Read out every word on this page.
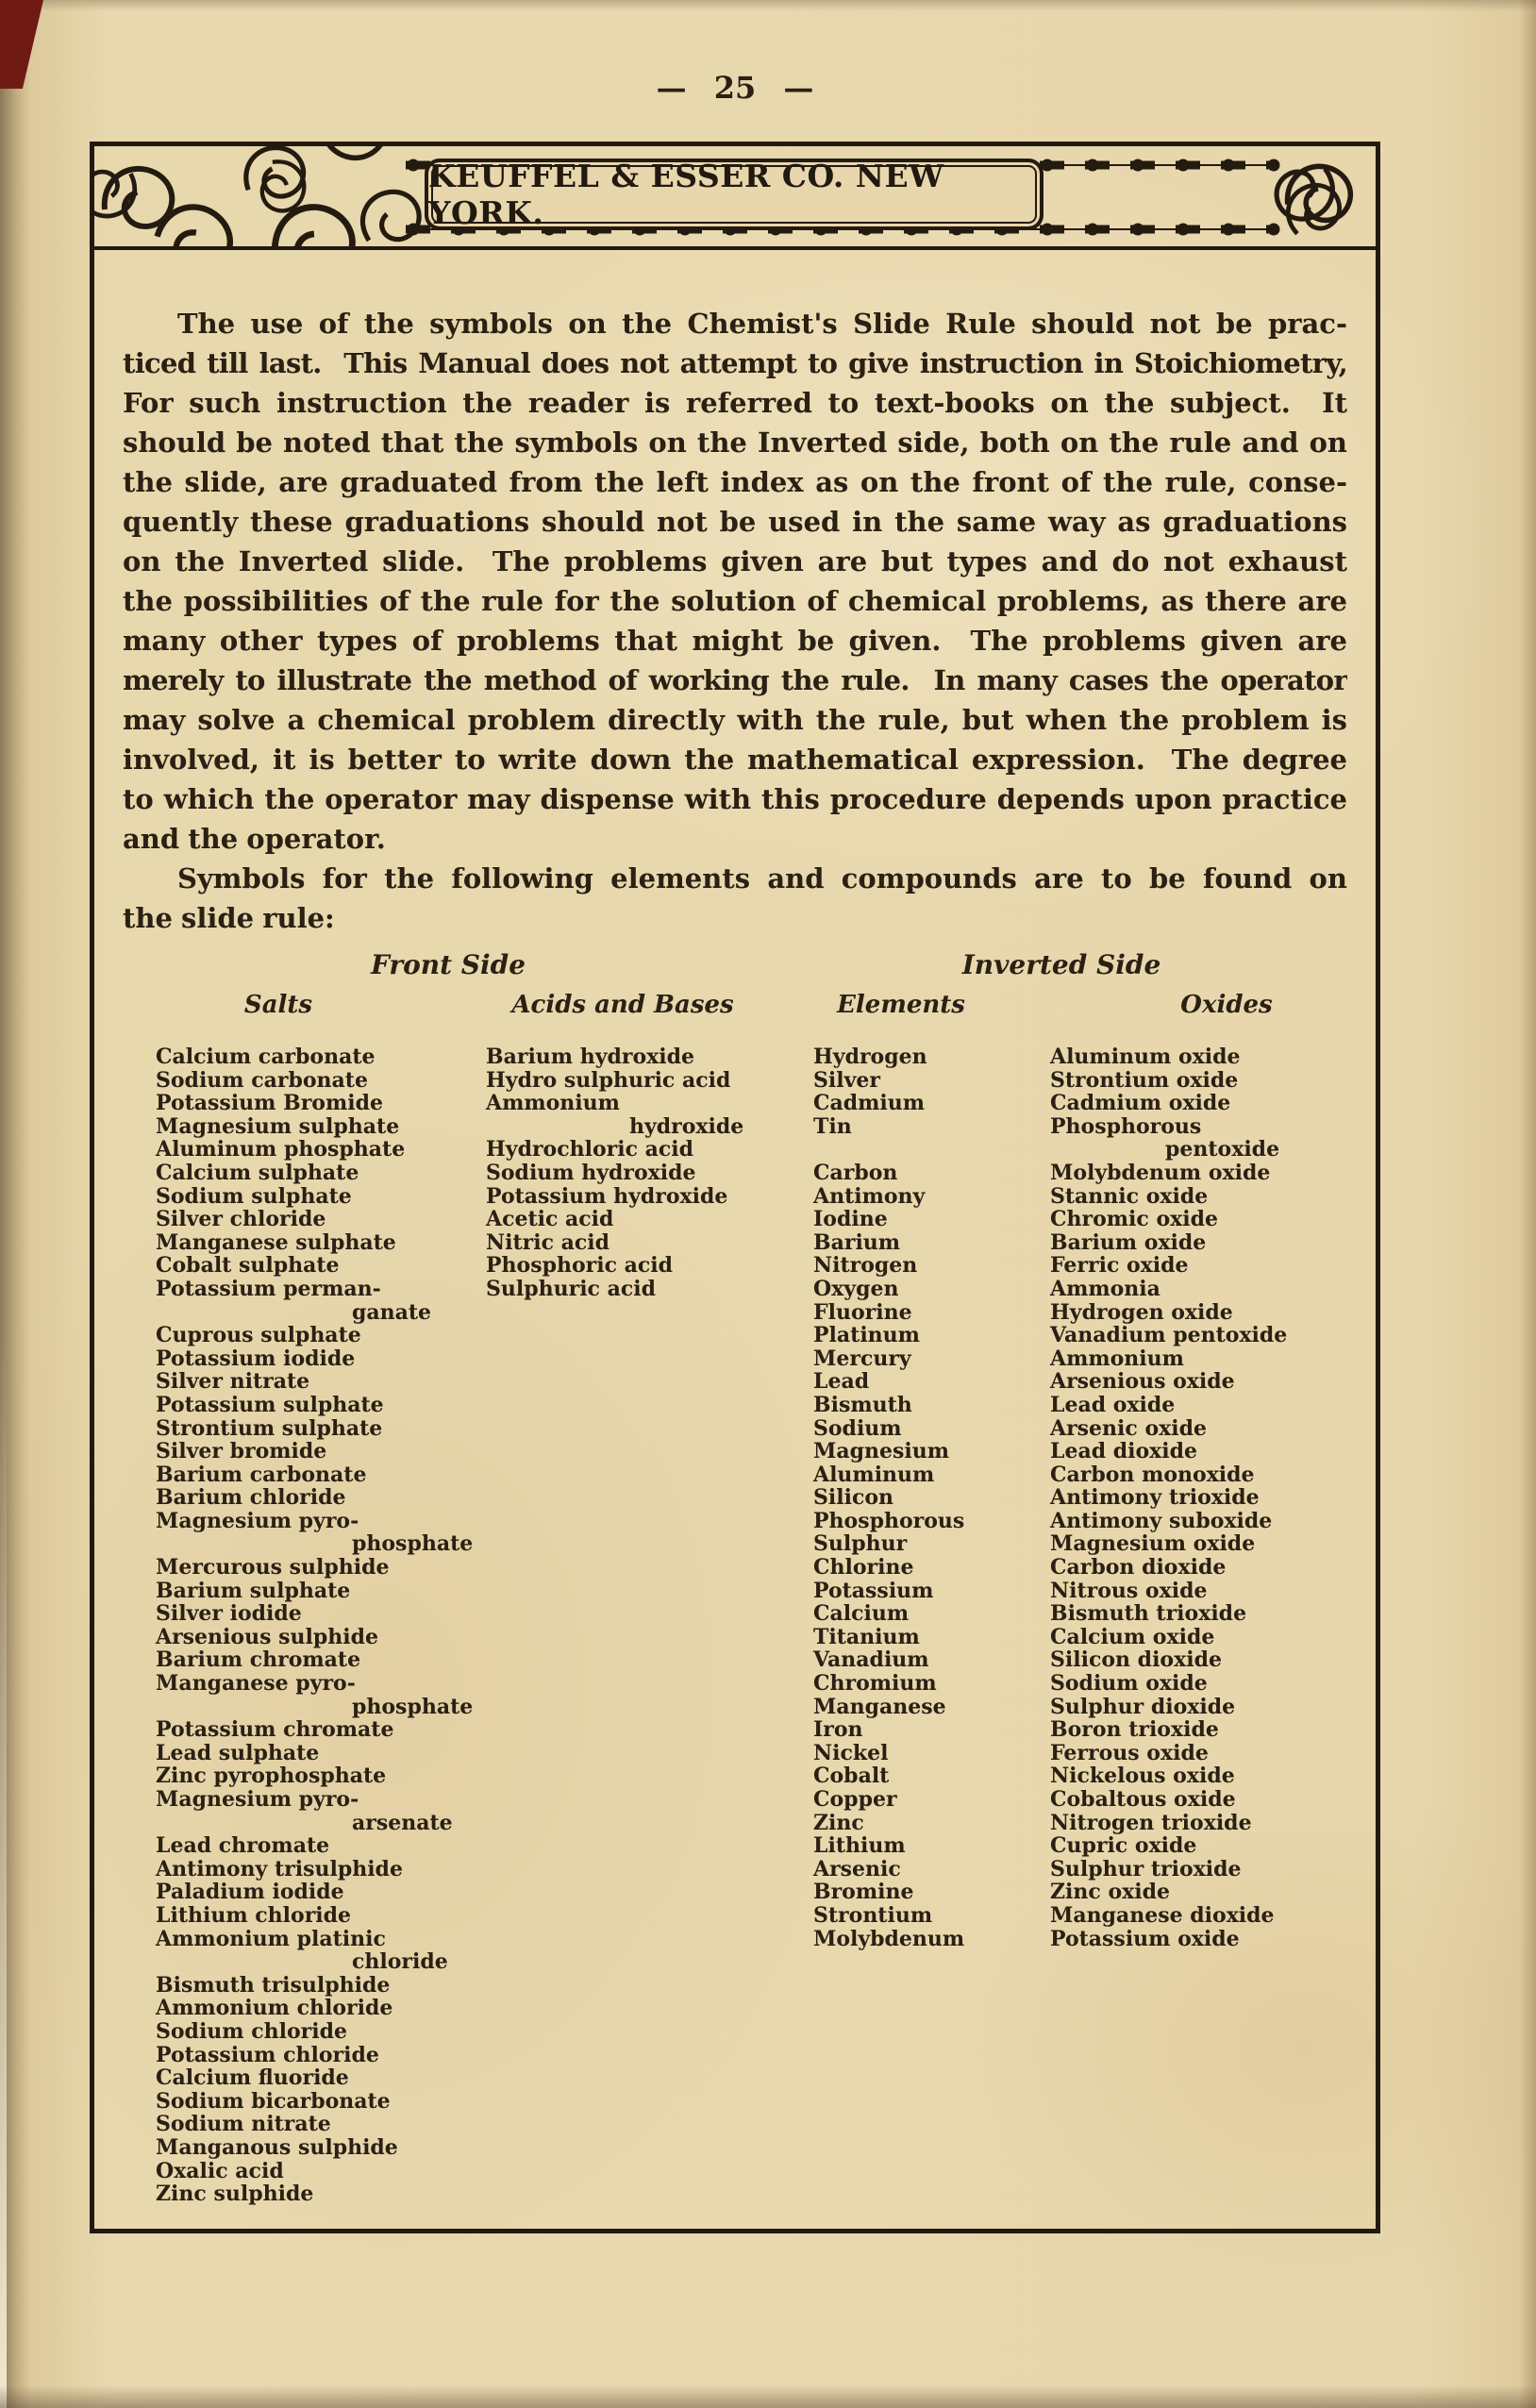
— 25 —
KEUFFEL & ESSER CO. NEW YORK.
The use of the symbols on the Chemist's Slide Rule should not be prac-
ticed till last.  This Manual does not attempt to give instruction in Stoichiometry,
For such instruction the reader is referred to text-books on the subject.  It
should be noted that the symbols on the Inverted side, both on the rule and on
the slide, are graduated from the left index as on the front of the rule, conse-
quently these graduations should not be used in the same way as graduations
on the Inverted slide.  The problems given are but types and do not exhaust
the possibilities of the rule for the solution of chemical problems, as there are
many other types of problems that might be given.  The problems given are
merely to illustrate the method of working the rule.  In many cases the operator
may solve a chemical problem directly with the rule, but when the problem is
involved, it is better to write down the mathematical expression.  The degree
to which the operator may dispense with this procedure depends upon practice
and the operator.
Symbols for the following elements and compounds are to be found on
the slide rule:
Front Side	Inverted Side
Salts	Acids and Bases	Elements	Oxides
Calcium carbonate
Sodium carbonate
Potassium Bromide
Magnesium sulphate
Aluminum phosphate
Calcium sulphate
Sodium sulphate
Silver chloride
Manganese sulphate
Cobalt sulphate
Potassium perman-
ganate
Cuprous sulphate
Potassium iodide
Silver nitrate
Potassium sulphate
Strontium sulphate
Silver bromide
Barium carbonate
Barium chloride
Magnesium pyro-
phosphate
Mercurous sulphide
Barium sulphate
Silver iodide
Arsenious sulphide
Barium chromate
Manganese pyro-
phosphate
Potassium chromate
Lead sulphate
Zinc pyrophosphate
Magnesium pyro-
arsenate
Lead chromate
Antimony trisulphide
Paladium iodide
Lithium chloride
Ammonium platinic
chloride
Bismuth trisulphide
Ammonium chloride
Sodium chloride
Potassium chloride
Calcium fluoride
Sodium bicarbonate
Sodium nitrate
Manganous sulphide
Oxalic acid
Zinc sulphide
Barium hydroxide
Hydro sulphuric acid
Ammonium
hydroxide
Hydrochloric acid
Sodium hydroxide
Potassium hydroxide
Acetic acid
Nitric acid
Phosphoric acid
Sulphuric acid
Hydrogen
Silver
Cadmium
Tin
Carbon
Antimony
Iodine
Barium
Nitrogen
Oxygen
Fluorine
Platinum
Mercury
Lead
Bismuth
Sodium
Magnesium
Aluminum
Silicon
Phosphorous
Sulphur
Chlorine
Potassium
Calcium
Titanium
Vanadium
Chromium
Manganese
Iron
Nickel
Cobalt
Copper
Zinc
Lithium
Arsenic
Bromine
Strontium
Molybdenum
Aluminum oxide
Strontium oxide
Cadmium oxide
Phosphorous
pentoxide
Molybdenum oxide
Stannic oxide
Chromic oxide
Barium oxide
Ferric oxide
Ammonia
Hydrogen oxide
Vanadium pentoxide
Ammonium
Arsenious oxide
Lead oxide
Arsenic oxide
Lead dioxide
Carbon monoxide
Antimony trioxide
Antimony suboxide
Magnesium oxide
Carbon dioxide
Nitrous oxide
Bismuth trioxide
Calcium oxide
Silicon dioxide
Sodium oxide
Sulphur dioxide
Boron trioxide
Ferrous oxide
Nickelous oxide
Cobaltous oxide
Nitrogen trioxide
Cupric oxide
Sulphur trioxide
Zinc oxide
Manganese dioxide
Potassium oxide
